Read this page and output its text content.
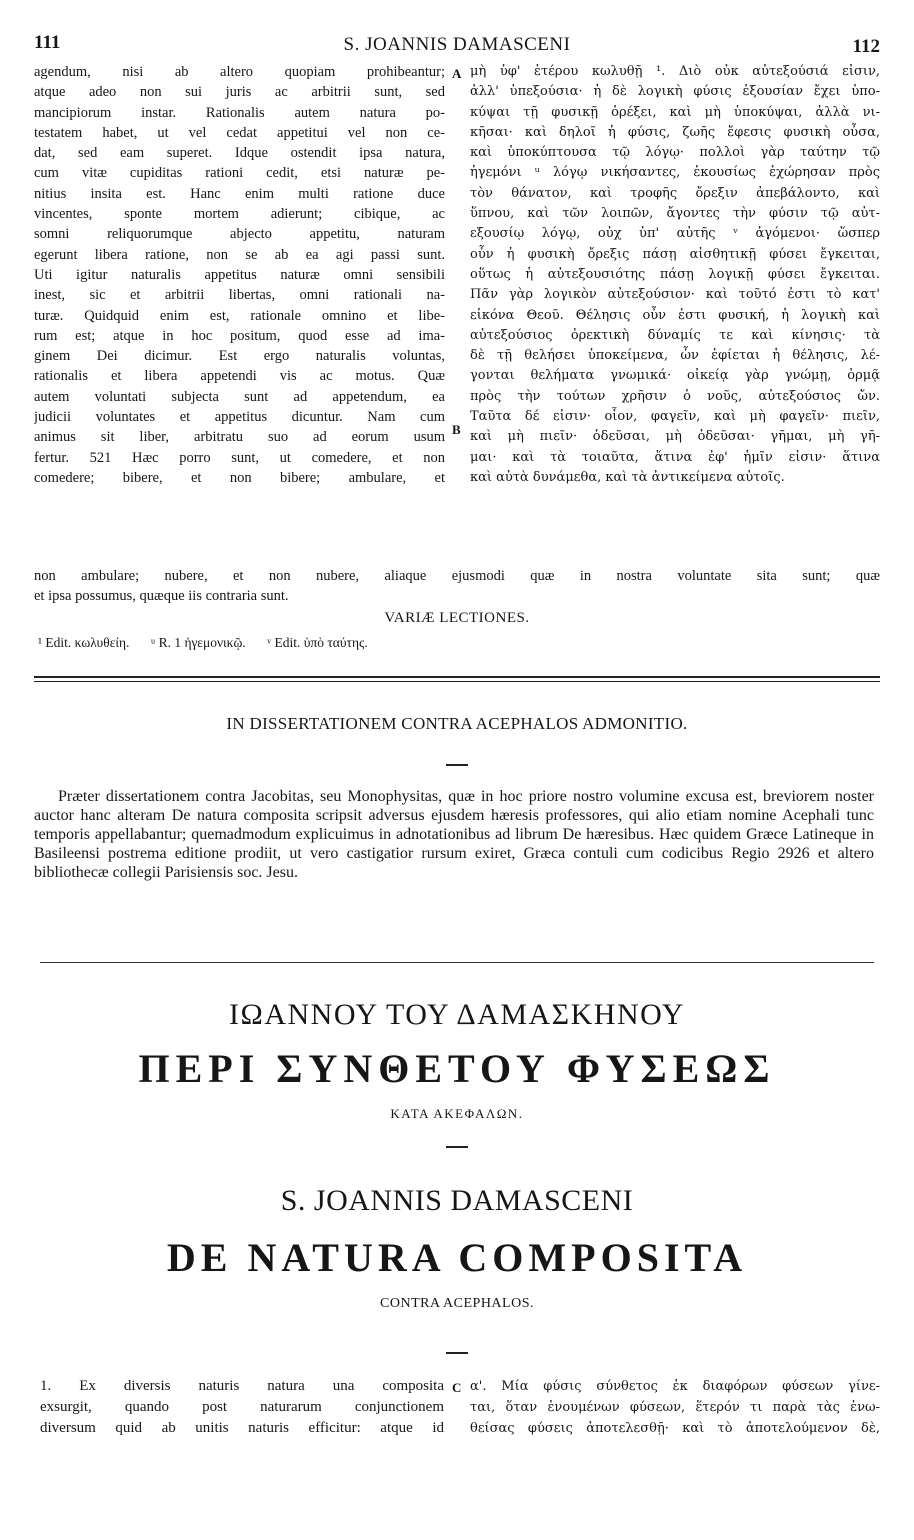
111	S. JOANNIS DAMASCENI	112
agendum, nisi ab altero quopiam prohibeantur;
atque adeo non sui juris ac arbitrii sunt, sed
mancipiorum instar. Rationalis autem natura po-
testatem habet, ut vel cedat appetitui vel non ce-
dat, sed eam superet. Idque ostendit ipsa natura,
cum vitæ cupiditas rationi cedit, etsi naturæ pe-
nitius insita est. Hanc enim multi ratione duce
vincentes, sponte mortem adierunt; cibique, ac
somni reliquorumque abjecto appetitu, naturam
egerunt libera ratione, non se ab ea agi passi sunt.
Uti igitur naturalis appetitus naturæ omni sensibili
inest, sic et arbitrii libertas, omni rationali na-
turæ. Quidquid enim est, rationale omnino et libe-
rum est; atque in hoc positum, quod esse ad ima-
ginem Dei dicimur. Est ergo naturalis voluntas,
rationalis et libera appetendi vis ac motus. Quæ
autem voluntati subjecta sunt ad appetendum, ea
judicii voluntates et appetitus dicuntur. Nam cum
animus sit liber, arbitratu suo ad eorum usum
fertur. 521 Hæc porro sunt, ut comedere, et non
comedere; bibere, et non bibere; ambulare, et
A
B
μὴ ὑφ' ἑτέρου κωλυθῇ ¹. Διὸ οὐκ αὐτεξούσιά εἰσιν,
ἀλλ' ὑπεξούσια· ἡ δὲ λογικὴ φύσις ἐξουσίαν ἔχει ὑπο-
κύψαι τῇ φυσικῇ ὀρέξει, καὶ μὴ ὑποκύψαι, ἀλλὰ νι-
κῆσαι· καὶ δηλοῖ ἡ φύσις, ζωῆς ἔφεσις φυσικὴ οὖσα,
καὶ ὑποκύπτουσα τῷ λόγῳ· πολλοὶ γὰρ ταύτην τῷ
ἡγεμόνι ᵘ λόγῳ νικήσαντες, ἑκουσίως ἐχώρησαν πρὸς
τὸν θάνατον, καὶ τροφῆς ὄρεξιν ἀπεβάλοντο, καὶ
ὕπνου, καὶ τῶν λοιπῶν, ἄγοντες τὴν φύσιν τῷ αὐτ-
εξουσίῳ λόγῳ, οὐχ ὑπ' αὐτῆς ᵛ ἀγόμενοι· ὥσπερ
οὖν ἡ φυσικὴ ὄρεξις πάσῃ αἰσθητικῇ φύσει ἔγκειται,
οὕτως ἡ αὐτεξουσιότης πάσῃ λογικῇ φύσει ἔγκειται.
Πᾶν γὰρ λογικὸν αὐτεξούσιον· καὶ τοῦτό ἐστι τὸ κατ'
εἰκόνα Θεοῦ. Θέλησις οὖν ἐστι φυσική, ἡ λογικὴ καὶ
αὐτεξούσιος ὀρεκτικὴ δύναμίς τε καὶ κίνησις· τὰ
δὲ τῇ θελήσει ὑποκείμενα, ὧν ἐφίεται ἡ θέλησις, λέ-
γονται θελήματα γνωμικά· οἰκείᾳ γὰρ γνώμῃ, ὁρμᾷ
πρὸς τὴν τούτων χρῆσιν ὁ νοῦς, αὐτεξούσιος ὤν.
Ταῦτα δέ εἰσιν· οἷον, φαγεῖν, καὶ μὴ φαγεῖν· πιεῖν,
καὶ μὴ πιεῖν· ὁδεῦσαι, μὴ ὁδεῦσαι· γῆμαι, μὴ γῆ-
μαι· καὶ τὰ τοιαῦτα, ἅτινα ἐφ' ἡμῖν εἰσιν· ἅτινα
καὶ αὐτὰ δυνάμεθα, καὶ τὰ ἀντικείμενα αὐτοῖς.
non ambulare; nubere, et non nubere, aliaque ejusmodi quæ in nostra voluntate sita sunt; quæ
et ipsa possumus, quæque iis contraria sunt.
VARIÆ LECTIONES.
¹ Edit. κωλυθείη. ᵘ R. 1 ἡγεμονικῷ. ᵛ Edit. ὑπὸ ταύτης.
IN DISSERTATIONEM CONTRA ACEPHALOS ADMONITIO.

Præter dissertationem contra Jacobitas, seu Monophysitas, quæ in hoc priore nostro volumine excusa est, breviorem noster auctor hanc alteram De natura composita scripsit adversus ejusdem hæresis professores, qui alio etiam nomine Acephali tunc temporis appellabantur; quemadmodum explicuimus in adnotationibus ad librum De hæresibus. Hæc quidem Græce Latineque in Basileensi postrema editione prodiit, ut vero castigatior rursum exiret, Græca contuli cum codicibus Regio 2926 et altero bibliothecæ collegii Parisiensis soc. Jesu.

ΙΩΑΝΝΟΥ ΤΟΥ ΔΑΜΑΣΚΗΝΟΥ
ΠΕΡΙ ΣΥΝΘΕΤΟΥ ΦΥΣΕΩΣ
ΚΑΤΑ ΑΚΕΦΑΛΩΝ.
S. JOANNIS DAMASCENI
DE NATURA COMPOSITA
CONTRA ACEPHALOS.
1. Ex diversis naturis natura una composita
exsurgit, quando post naturarum conjunctionem
diversum quid ab unitis naturis efficitur: atque id
C α'. Μία φύσις σύνθετος ἐκ διαφόρων φύσεων γίνε-
ται, ὅταν ἑνουμένων φύσεων, ἕτερόν τι παρὰ τὰς ἑνω-
θείσας φύσεις ἀποτελεσθῇ· καὶ τὸ ἀποτελούμενον δὲ,
